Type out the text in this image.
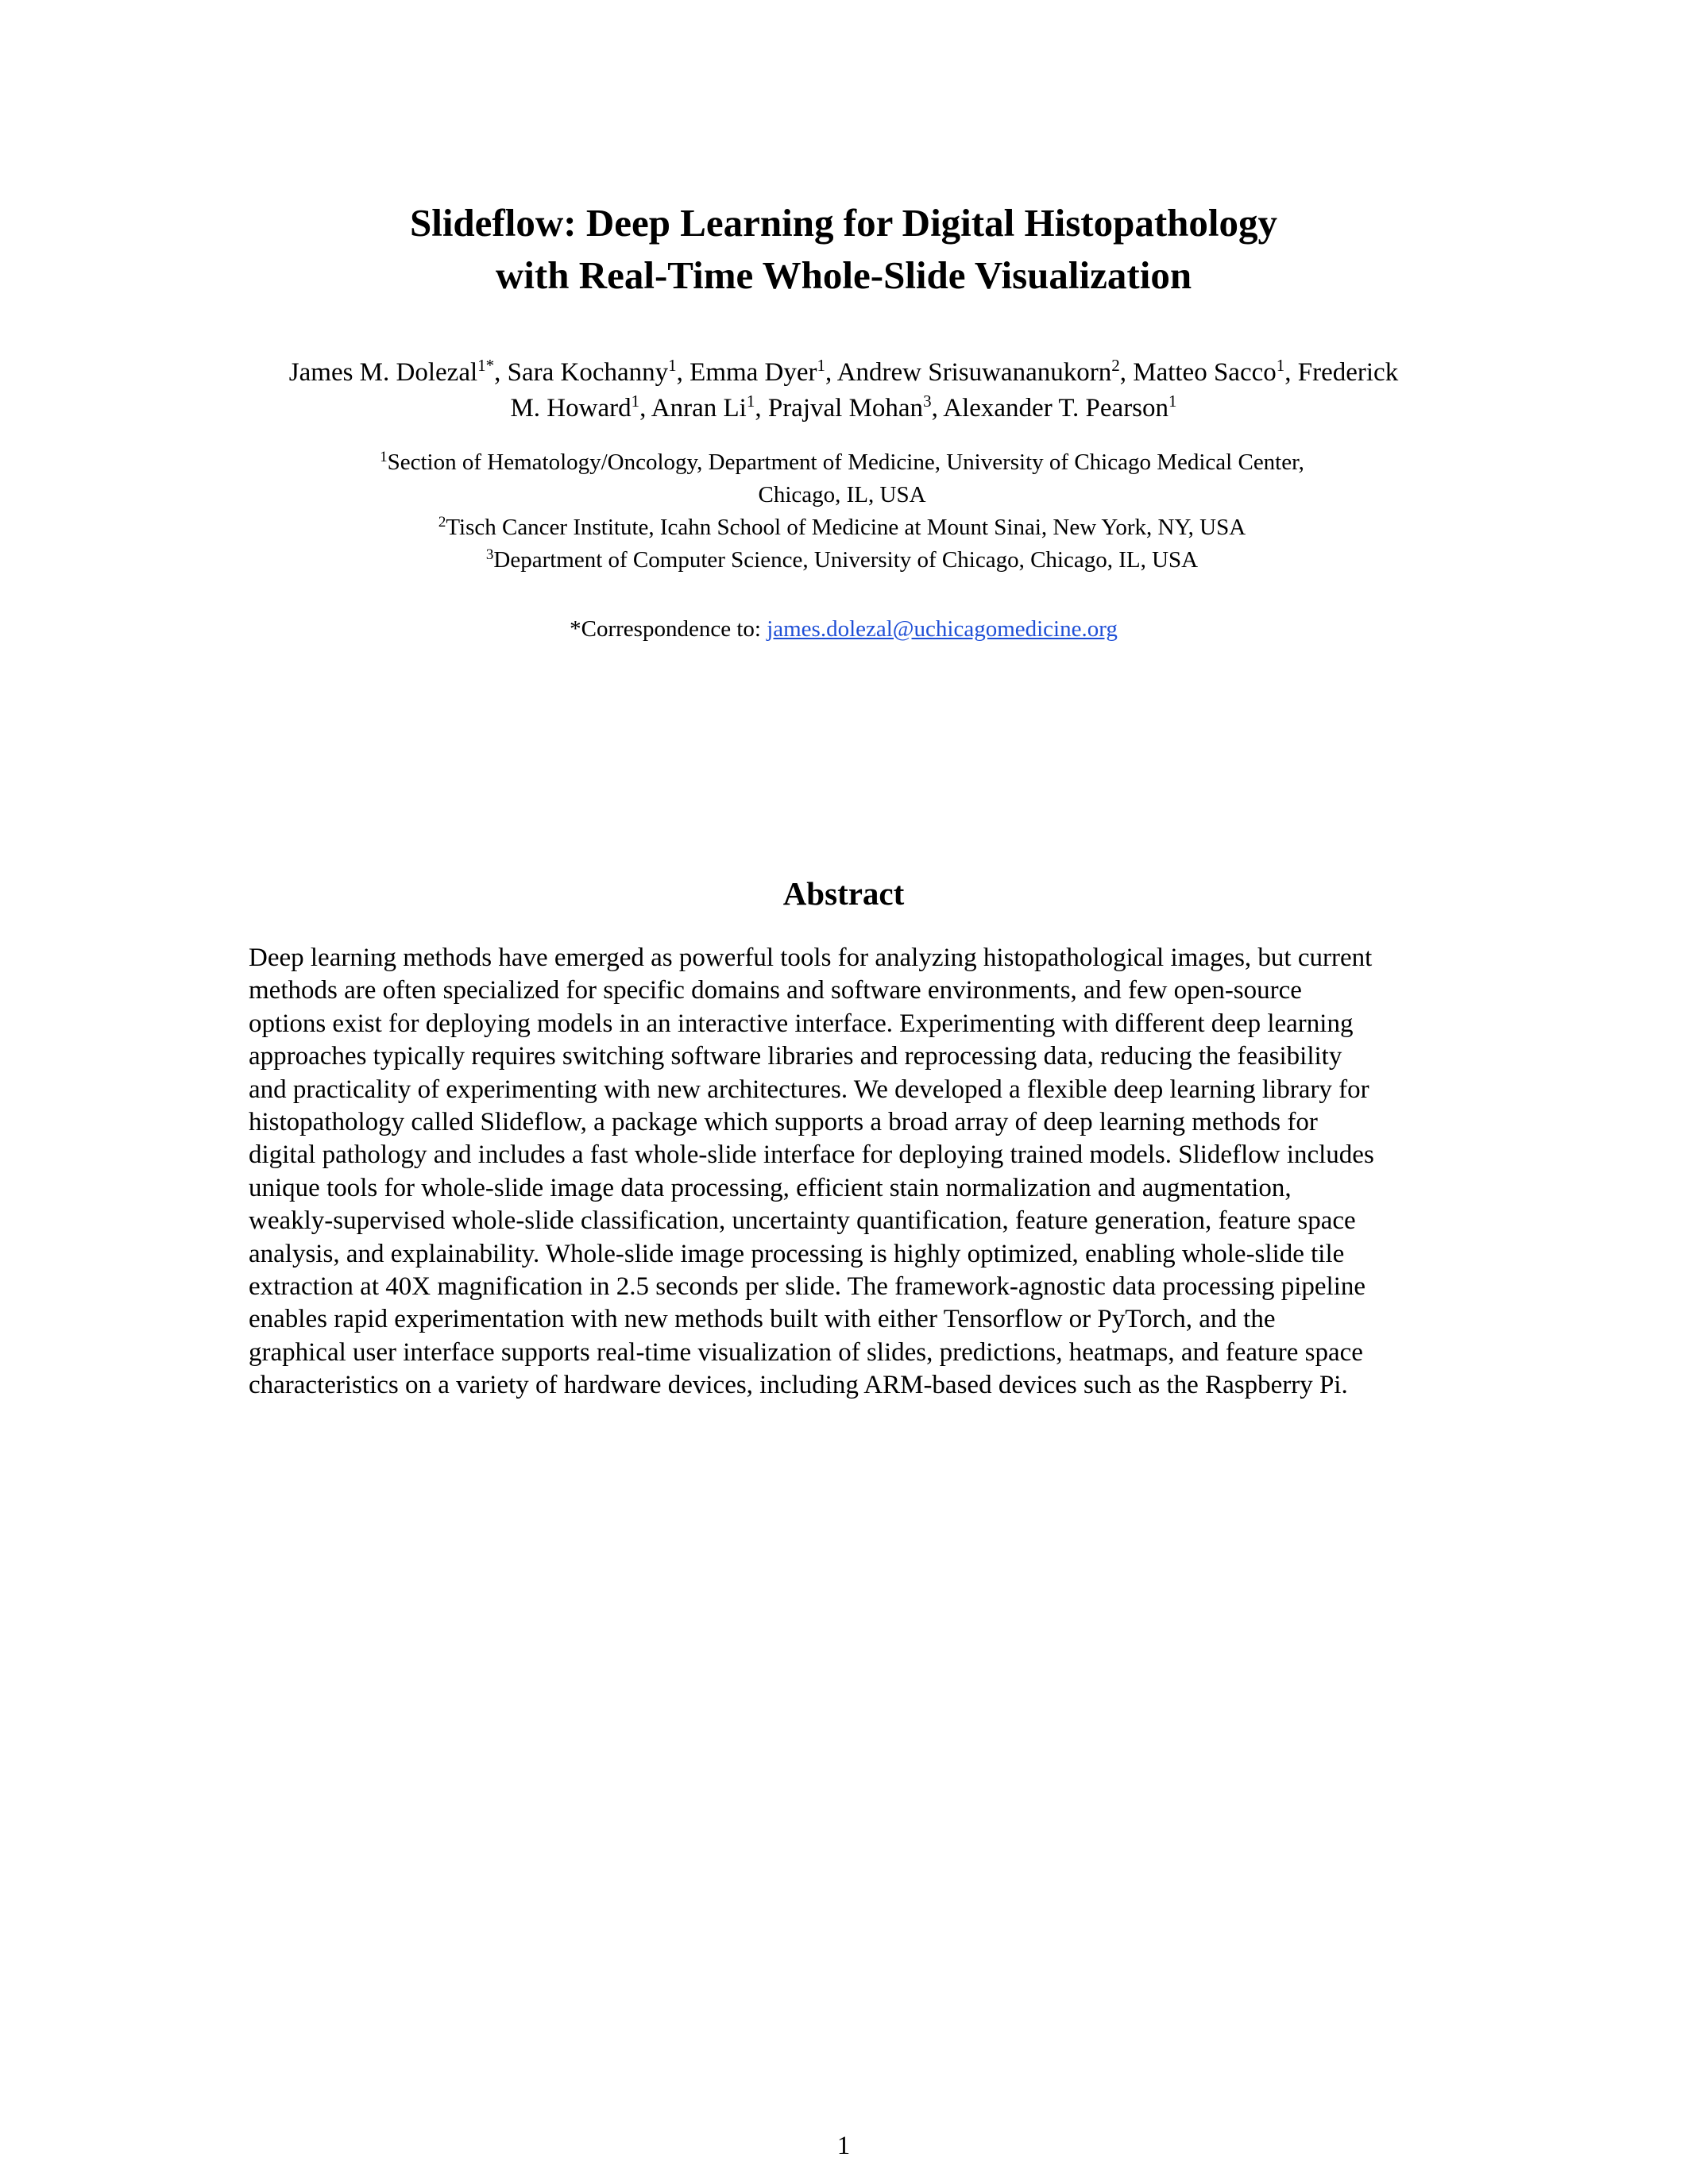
Slideflow: Deep Learning for Digital Histopathology
with Real-Time Whole-Slide Visualization
James M. Dolezal$^{1*}$, Sara Kochanny$^1$, Emma Dyer$^1$, Andrew Srisuwananukorn$^2$, Matteo Sacco$^1$, Frederick
M. Howard$^1$, Anran Li$^1$, Prajval Mohan$^3$, Alexander T. Pearson$^1$
$^1$Section of Hematology/Oncology, Department of Medicine, University of Chicago Medical Center,
Chicago, IL, USA
$^2$Tisch Cancer Institute, Icahn School of Medicine at Mount Sinai, New York, NY, USA
$^3$Department of Computer Science, University of Chicago, Chicago, IL, USA
*Correspondence to: james.dolezal@uchicagomedicine.org
Abstract
Deep learning methods have emerged as powerful tools for analyzing histopathological images, but current
methods are often specialized for specific domains and software environments, and few open-source
options exist for deploying models in an interactive interface. Experimenting with different deep learning
approaches typically requires switching software libraries and reprocessing data, reducing the feasibility
and practicality of experimenting with new architectures. We developed a flexible deep learning library for
histopathology called Slideflow, a package which supports a broad array of deep learning methods for
digital pathology and includes a fast whole-slide interface for deploying trained models. Slideflow includes
unique tools for whole-slide image data processing, efficient stain normalization and augmentation,
weakly-supervised whole-slide classification, uncertainty quantification, feature generation, feature space
analysis, and explainability. Whole-slide image processing is highly optimized, enabling whole-slide tile
extraction at 40X magnification in 2.5 seconds per slide. The framework-agnostic data processing pipeline
enables rapid experimentation with new methods built with either Tensorflow or PyTorch, and the
graphical user interface supports real-time visualization of slides, predictions, heatmaps, and feature space
characteristics on a variety of hardware devices, including ARM-based devices such as the Raspberry Pi.
1
